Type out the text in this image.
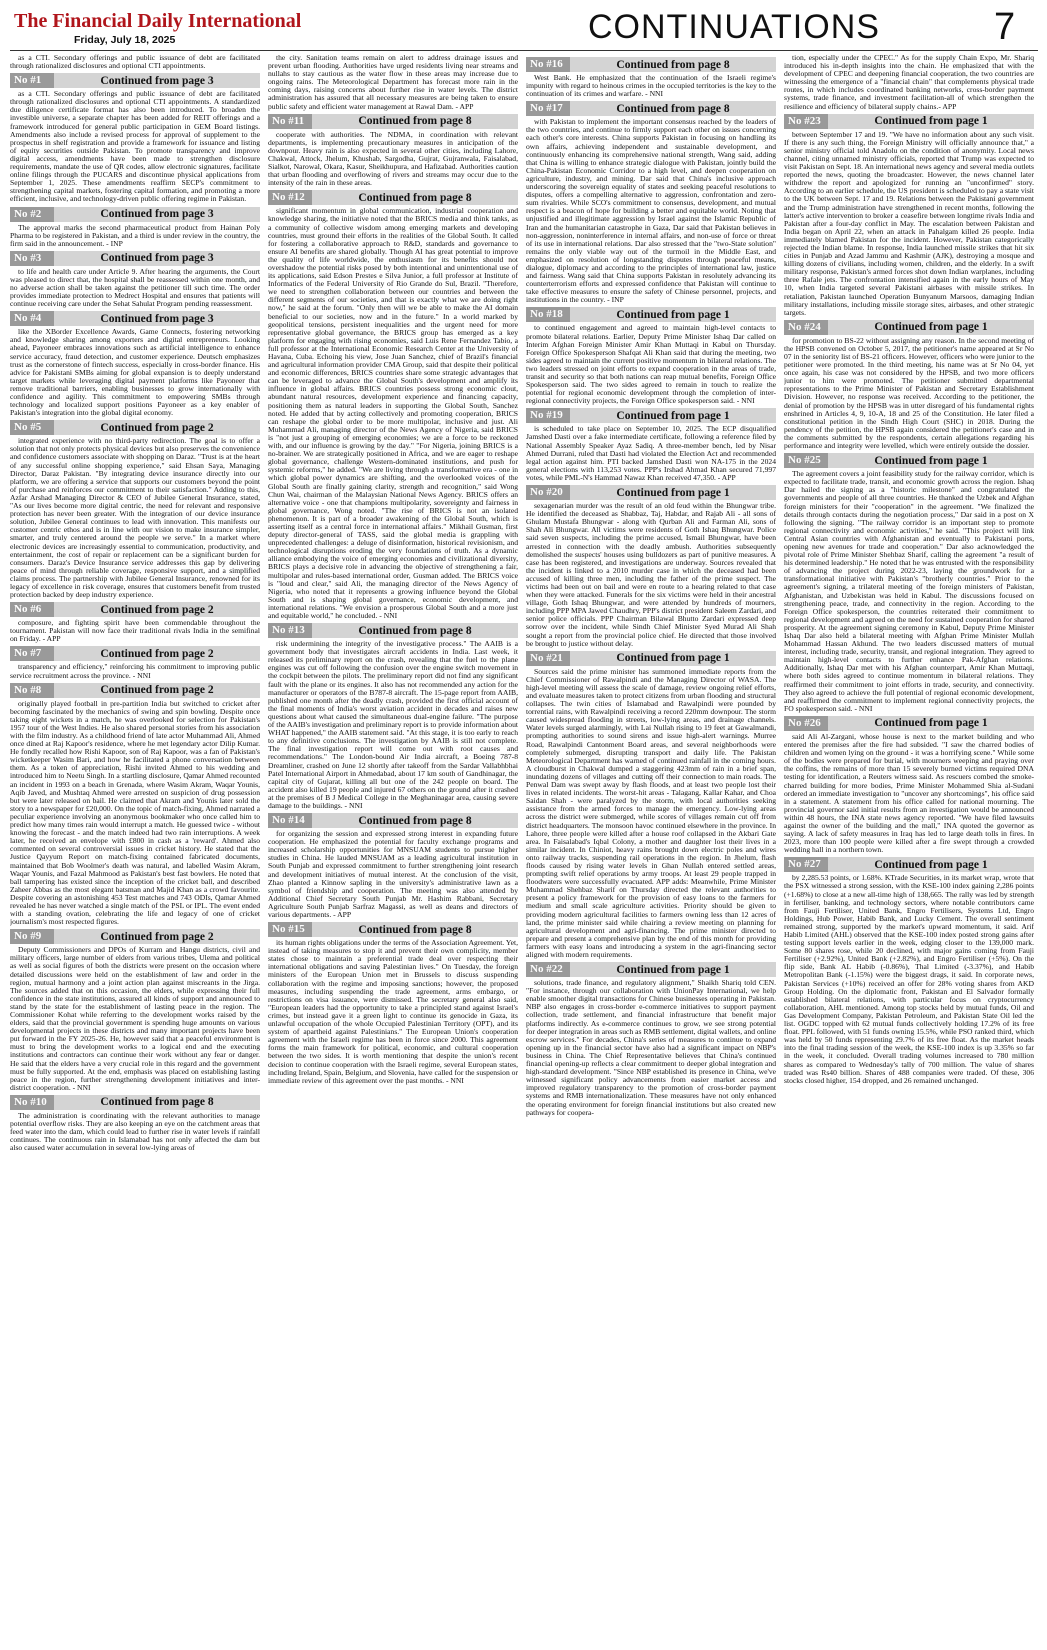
The Financial Daily International
Friday, July 18, 2025	CONTINUATIONS	7

as a CTI. Secondary offerings and public issuance of debt are facilitated through rationalized disclosures and optional CTI appointments.

No #1	Continued from page 3

as a CTI. Secondary offerings and public issuance of debt are facilitated through rationalized disclosures and optional CTI appointments. A standardized due diligence certificate format has also been introduced. To broaden the investible universe, a separate chapter has been added for REIT offerings and a framework introduced for general public participation in GEM Board listings. Amendments also include a revised process for approval of supplement to the prospectus in shelf registration and provide a framework for issuance and listing of equity securities outside Pakistan. To promote transparency and improve digital access, amendments have been made to strengthen disclosure requirements, mandate the use of QR codes, allow electronic signatures, facilitate online filings through the PUCARS and discontinue physical applications from September 1, 2025. These amendments reaffirm SECP's commitment to strengthening capital markets, fostering capital formation, and promoting a more efficient, inclusive, and technology-driven public offering regime in Pakistan.

No #2	Continued from page 3

The approval marks the second pharmaceutical product from Hainan Poly Pharma to be registered in Pakistan, and a third is under review in the country, the firm said in the announcement. - INP

No #3	Continued from page 3

to life and health care under Article 9. After hearing the arguments, the Court was pleased to direct that, the hospital shall be reassessed within one month, and no adverse action shall be taken against the petitioner till such time. The order provides immediate protection to Medrect Hospital and ensures that patients will continue receiving care under the Sehat Sahulat Program pending reassessment.

No #4	Continued from page 3

like the XBorder Excellence Awards, Game Connects, fostering networking and knowledge sharing among exporters and digital entrepreneurs. Looking ahead, Payoneer embraces innovations such as artificial intelligence to enhance service accuracy, fraud detection, and customer experience. Deutsch emphasizes trust as the cornerstone of fintech success, especially in cross-border finance. His advice for Pakistani SMBs aiming for global expansion is to deeply understand target markets while leveraging digital payment platforms like Payoneer that remove traditional barriers, enabling businesses to grow internationally with confidence and agility. This commitment to empowering SMBs through technology and localized support positions Payoneer as a key enabler of Pakistan's integration into the global digital economy.

No #5	Continued from page 2

integrated experience with no third-party redirection. The goal is to offer a solution that not only protects physical devices but also preserves the convenience and confidence customers associate with shopping on Daraz. "Trust is at the heart of any successful online shopping experience," said Ehsan Saya, Managing Director, Daraz Pakistan. "By integrating device insurance directly into our platform, we are offering a service that supports our customers beyond the point of purchase and reinforces our commitment to their satisfaction." Adding to this, Azfar Arshad Managing Director & CEO of Jubilee General Insurance, stated, "As our lives become more digital centric, the need for relevant and responsive protection has never been greater. With the integration of our device insurance solution, Jubilee General continues to lead with innovation. This manifests our customer centric ethos and is in line with our vision to make insurance simpler, smarter, and truly centered around the people we serve." In a market where electronic devices are increasingly essential to communication, productivity, and entertainment, the cost of repair or replacement can be a significant burden for consumers. Daraz's Device Insurance service addresses this gap by delivering peace of mind through reliable coverage, responsive support, and a simplified claims process. The partnership with Jubilee General Insurance, renowned for its legacy of excellence in risk coverage, ensures that customers benefit from trusted protection backed by deep industry experience.

No #6	Continued from page 2

composure, and fighting spirit have been commendable throughout the tournament. Pakistan will now face their traditional rivals India in the semifinal on Friday. - APP

No #7	Continued from page 2

transparency and efficiency," reinforcing his commitment to improving public service recruitment across the province. - NNI

No #8	Continued from page 2

originally played football in pre-partition India but switched to cricket after becoming fascinated by the mechanics of swing and spin bowling. Despite once taking eight wickets in a match, he was overlooked for selection for Pakistan's 1957 tour of the West Indies. He also shared personal stories from his association with the film industry. As a childhood friend of late actor Muhammad Ali, Ahmed once dined at Raj Kapoor's residence, where he met legendary actor Dilip Kumar. He fondly recalled how Rishi Kapoor, son of Raj Kapoor, was a fan of Pakistan's wicketkeeper Wasim Bari, and how he facilitated a phone conversation between them. As a token of appreciation, Rishi invited Ahmed to his wedding and introduced him to Neetu Singh. In a startling disclosure, Qamar Ahmed recounted an incident in 1993 on a beach in Grenada, where Wasim Akram, Waqar Younis, Aqib Javed, and Mushtaq Ahmed were arrested on suspicion of drug possession but were later released on bail. He claimed that Akram and Younis later sold the story to a newspaper for £20,000. On the topic of match-fixing, Ahmed narrated a peculiar experience involving an anonymous bookmaker who once called him to predict how many times rain would interrupt a match. He guessed twice - without knowing the forecast - and the match indeed had two rain interruptions. A week later, he received an envelope with £800 in cash as a 'reward'. Ahmed also commented on several controversial issues in cricket history. He stated that the Justice Qayyum Report on match-fixing contained fabricated documents, maintained that Bob Woolmer's death was natural, and labelled Wasim Akram, Waqar Younis, and Fazal Mahmood as Pakistan's best fast bowlers. He noted that ball tampering has existed since the inception of the cricket ball, and described Zaheer Abbas as the most elegant batsman and Majid Khan as a crowd favourite. Despite covering an astonishing 453 Test matches and 743 ODIs, Qamar Ahmed revealed he has never watched a single match of the PSL or IPL. The event ended with a standing ovation, celebrating the life and legacy of one of cricket journalism's most respected figures.

No #9	Continued from page 2

Deputy Commissioners and DPOs of Kurram and Hangu districts, civil and military officers, large number of elders from various tribes, Ulema and political as well as social figures of both the districts were present on the occasion where detailed discussions were held on the establishment of law and order in the region, mutual harmony and a joint action plan against miscreants in the Jirga. The sources added that on this occasion, the elders, while expressing their full confidence in the state institutions, assured all kinds of support and announced to stand by the state for the establishment of lasting peace in the region. The Commissioner Kohat while referring to the development works raised by the elders, said that the provincial government is spending huge amounts on various developmental projects in these districts and many important projects have been put forward in the FY 2025-26. He, however said that a peaceful environment is must to bring the development works to a logical end and the executing institutions and contractors can continue their work without any fear or danger. He said that the elders have a very crucial role in this regard and the government must be fully supported. At the end, emphasis was placed on establishing lasting peace in the region, further strengthening development initiatives and inter-district cooperation. - NNI

No #10	Continued from page 8

The administration is coordinating with the relevant authorities to manage potential overflow risks. They are also keeping an eye on the catchment areas that feed water into the dam, which could lead to further rise in water levels if rainfall continues. The continuous rain in Islamabad has not only affected the dam but also caused water accumulation in several low-lying areas of

the city. Sanitation teams remain on alert to address drainage issues and prevent urban flooding. Authorities have urged residents living near streams and nullahs to stay cautious as the water flow in these areas may increase due to ongoing rains. The Meteorological Department has forecast more rain in the coming days, raising concerns about further rise in water levels. The district administration has assured that all necessary measures are being taken to ensure public safety and efficient water management at Rawal Dam. - APP

No #11	Continued from page 8

cooperate with authorities. The NDMA, in coordination with relevant departments, is implementing precautionary measures in anticipation of the downpour. Heavy rain is also expected in several other cities, including Lahore, Chakwal, Attock, Jhelum, Khushab, Sargodha, Gujrat, Gujranwala, Faisalabad, Sialkot, Narowal, Okara, Kasur, Sheikhupura, and Hafizabad. Authorities caution that urban flooding and overflowing of rivers and streams may occur due to the intensity of the rain in these areas.

No #12	Continued from page 8

significant momentum in global communication, industrial cooperation and knowledge sharing, the initiative noted that the BRICS media and think tanks, as a community of collective wisdom among emerging markets and developing countries, must ground their efforts in the realities of the Global South. It called for fostering a collaborative approach to R&D, standards and governance to ensure AI benefits are shared globally. Though AI has great potential to improve the quality of life worldwide, the enthusiasm for its benefits should not overshadow the potential risks posed by both intentional and unintentional use of its applications, said Edson Prestes e Silva Junior, a full professor at Institute of Informatics of the Federal University of Rio Grande do Sul, Brazil. "Therefore, we need to strengthen collaboration between our countries and between the different segments of our societies, and that is exactly what we are doing right now," he said at the forum. "Only then will we be able to make the AI domain beneficial to our societies, now and in the future." In a world marked by geopolitical tensions, persistent inequalities and the urgent need for more representative global governance, the BRICS group has emerged as a key platform for engaging with rising economies, said Luis Rene Fernandez Tabio, a full professor at the International Economic Research Center at the University of Havana, Cuba. Echoing his view, Jose Juan Sanchez, chief of Brazil's financial and agricultural information provider CMA Group, said that despite their political and economic differences, BRICS countries share some strategic advantages that can be leveraged to advance the Global South's development and amplify its influence in global affairs. BRICS countries possess strong economic clout, abundant natural resources, development experience and financing capacity, positioning them as natural leaders in supporting the Global South, Sanchez noted. He added that by acting collectively and promoting cooperation, BRICS can reshape the global order to be more multipolar, inclusive and just. Ali Muhammad Ali, managing director of the News Agency of Nigeria, said BRICS is "not just a grouping of emerging economies; we are a force to be reckoned with, and our influence is growing by the day." "For Nigeria, joining BRICS is a no-brainer. We are strategically positioned in Africa, and we are eager to reshape global governance, challenge Western-dominated institutions, and push for systemic reforms," he added. "We are living through a transformative era - one in which global power dynamics are shifting, and the overlooked voices of the Global South are finally gaining clarity, strength and recognition," said Wong Chun Wai, chairman of the Malaysian National News Agency. BRICS offers an alternative voice - one that champions multipolarity, sovereignty and fairness in global governance, Wong noted. "The rise of BRICS is not an isolated phenomenon. It is part of a broader awakening of the Global South, which is asserting itself as a central force in international affairs." Mikhail Gusman, first deputy director-general of TASS, said the global media is grappling with unprecedented challenges: a deluge of disinformation, historical revisionism, and technological disruptions eroding the very foundations of truth. As a dynamic alliance embodying the voice of emerging economies and civilizational diversity, BRICS plays a decisive role in advancing the objective of strengthening a fair, multipolar and rules-based international order, Gusman added. The BRICS voice is "loud and clear," said Ali, the managing director of the News Agency of Nigeria, who noted that it represents a growing influence beyond the Global South and is shaping global governance, economic development, and international relations. "We envision a prosperous Global South and a more just and equitable world," he concluded. - NNI

No #13	Continued from page 8

risk undermining the integrity of the investigative process." The AAIB is a government body that investigates aircraft accidents in India. Last week, it released its preliminary report on the crash, revealing that the fuel to the plane engines was cut off following the confusion over the engine switch movement in the cockpit between the pilots. The preliminary report did not find any significant fault with the plane or its engines. It also has not recommended any action for the manufacturer or operators of the B787-8 aircraft. The 15-page report from AAIB, published one month after the deadly crash, provided the first official account of the final moments of India's worst aviation accident in decades and raises new questions about what caused the simultaneous dual-engine failure. "The purpose of the AAIB's investigation and preliminary report is to provide information about WHAT happened," the AAIB statement said. "At this stage, it is too early to reach to any definitive conclusions. The investigation by AAIB is still not complete. The final investigation report will come out with root causes and recommendations." The London-bound Air India aircraft, a Boeing 787-8 Dreamliner, crashed on June 12 shortly after takeoff from the Sardar Vallabhbhai Patel International Airport in Ahmedabad, about 17 km south of Gandhinagar, the capital city of Gujarat, killing all but one of the 242 people on board. The accident also killed 19 people and injured 67 others on the ground after it crashed at the premises of B J Medical College in the Meghaninagar area, causing severe damage to the buildings. - NNI

No #14	Continued from page 8

for organizing the session and expressed strong interest in expanding future cooperation. He emphasized the potential for faculty exchange programs and increased scholarship opportunities for MNSUAM students to pursue higher studies in China. He lauded MNSUAM as a leading agricultural institution in South Punjab and expressed commitment to further strengthening joint research and development initiatives of mutual interest. At the conclusion of the visit, Zhao planted a Kinnow sapling in the university's administrative lawn as a symbol of friendship and cooperation. The meeting was also attended by Additional Chief Secretary South Punjab Mr. Hashim Rabbani, Secretary Agriculture South Punjab Sarfraz Magassi, as well as deans and directors of various departments. - APP

No #15	Continued from page 8

its human rights obligations under the terms of the Association Agreement. Yet, instead of taking measures to stop it and prevent their own complicity, member states chose to maintain a preferential trade deal over respecting their international obligations and saving Palestinian lives." On Tuesday, the foreign ministers of the European Union met in Brussels to discuss suspending collaboration with the regime and imposing sanctions; however, the proposed measures, including suspending the trade agreement, arms embargo, or restrictions on visa issuance, were dismissed. The secretary general also said, "European leaders had the opportunity to take a principled stand against Israel's crimes, but instead gave it a green light to continue its genocide in Gaza, its unlawful occupation of the whole Occupied Palestinian Territory (OPT), and its system of apartheid against Palestinians." The European Union's cooperation agreement with the Israeli regime has been in force since 2000. This agreement forms the main framework for political, economic, and cultural cooperation between the two sides. It is worth mentioning that despite the union's recent decision to continue cooperation with the Israeli regime, several European states, including Ireland, Spain, Belgium, and Slovenia, have called for the suspension or immediate review of this agreement over the past months. - NNI

No #16	Continued from page 8

West Bank. He emphasized that the continuation of the Israeli regime's impunity with regard to heinous crimes in the occupied territories is the key to the continuation of its crimes and warfare. - NNI

No #17	Continued from page 8

with Pakistan to implement the important consensus reached by the leaders of the two countries, and continue to firmly support each other on issues concerning each other's core interests. China supports Pakistan in focusing on handling its own affairs, achieving independent and sustainable development, and continuously enhancing its comprehensive national strength, Wang said, adding that China is willing to enhance strategic dialogue with Pakistan, jointly build the China-Pakistan Economic Corridor to a high level, and deepen cooperation on agriculture, industry, and mining. Dar said that China's inclusive approach underscoring the sovereign equality of states and seeking peaceful resolutions to disputes, offers a compelling alternative to aggression, confrontation and zero-sum rivalries. While SCO's commitment to consensus, development, and mutual respect is a beacon of hope for building a better and equitable world. Noting that unjustified and illegitimate aggression by Israel against the Islamic Republic of Iran and the humanitarian catastrophe in Gaza, Dar said that Pakistan believes in non-aggression, noninterference in internal affairs, and non-use of force or threat of its use in international relations. Dar also stressed that the "two-State solution" remains the only viable way out of the turmoil in the Middle East, and emphasized on resolution of longstanding disputes through peaceful means, dialogue, diplomacy and according to the principles of international law, justice and fairness. Wang said that China supports Pakistan in resolutely advancing its counterterrorism efforts and expressed confidence that Pakistan will continue to take effective measures to ensure the safety of Chinese personnel, projects, and institutions in the country. - INP

No #18	Continued from page 1

to continued engagement and agreed to maintain high-level contacts to promote bilateral relations. Earlier, Deputy Prime Minister Ishaq Dar called on Interim Afghan Foreign Minister Amir Khan Muttaqi in Kabul on Thursday. Foreign Office Spokesperson Shafqat Ali Khan said that during the meeting, two sides agreed to maintain the current positive momentum in bilateral relations. The two leaders stressed on joint efforts to expand cooperation in the areas of trade, transit and security so that both nations can reap mutual benefits, Foreign Office Spokesperson said. The two sides agreed to remain in touch to realize the potential for regional economic development through the completion of inter-regional connectivity projects, the Foreign Office spokesperson said. - NNI

No #19	Continued from page 1

is scheduled to take place on September 10, 2025. The ECP disqualified Jamshed Dasti over a fake intermediate certificate, following a reference filed by National Assembly Speaker Ayaz Sadiq. A three-member bench, led by Nisar Ahmed Durrani, ruled that Dasti had violated the Election Act and recommended legal action against him. PTI backed Jamshed Dasti won NA-175 in the 2024 general elections with 113,253 votes. PPP's Irshad Ahmad Khan secured 71,997 votes, while PML-N's Hammad Nawaz Khan received 47,350. - APP

No #20	Continued from page 1

sexagenarian murder was the result of an old feud within the Bhungwar tribe. He identified the deceased as Shabbaz, Taj, Habdar, and Rajab Ali - all sons of Ghulam Mustafa Bhungwar - along with Qurban Ali and Farman Ali, sons of Shah Ali Bhungwar. All victims were residents of Goth Ishaq Bhungwar. Police said seven suspects, including the prime accused, Ismail Bhungwar, have been arrested in connection with the deadly ambush. Authorities subsequently demolished the suspects' houses using bulldozers as part of punitive measures. A case has been registered, and investigations are underway. Sources revealed that the incident is linked to a 2010 murder case in which the deceased had been accused of killing three men, including the father of the prime suspect. The victims had been out on bail and were en route to a hearing related to that case when they were attacked. Funerals for the six victims were held in their ancestral village, Goth Ishaq Bhungwar, and were attended by hundreds of mourners, including PPP MPA Jawed Chaudhry, PPP's district president Saleem Zardari, and senior police officials. PPP Chairman Bilawal Bhutto Zardari expressed deep sorrow over the incident, while Sindh Chief Minister Syed Murad Ali Shah sought a report from the provincial police chief. He directed that those involved be brought to justice without delay.

No #21	Continued from page 1

Sources said the prime minister has summoned immediate reports from the Chief Commissioner of Rawalpindi and the Managing Director of WASA. The high-level meeting will assess the scale of damage, review ongoing relief efforts, and evaluate measures taken to protect citizens from urban flooding and structural collapses. The twin cities of Islamabad and Rawalpindi were pounded by torrential rains, with Rawalpindi receiving a record 220mm downpour. The storm caused widespread flooding in streets, low-lying areas, and drainage channels. Water levels surged alarmingly, with Lai Nullah rising to 19 feet at Gawalmandi, prompting authorities to sound sirens and issue high-alert warnings. Murree Road, Rawalpindi Cantonment Board areas, and several neighborhoods were completely submerged, disrupting transport and daily life. The Pakistan Meteorological Department has warned of continued rainfall in the coming hours. A cloudburst in Chakwal dumped a staggering 423mm of rain in a brief span, inundating dozens of villages and cutting off their connection to main roads. The Penwal Dam was swept away by flash floods, and at least two people lost their lives in related incidents. The worst-hit areas - Talagang, Kallar Kahar, and Choa Saidan Shah - were paralyzed by the storm, with local authorities seeking assistance from the armed forces to manage the emergency. Low-lying areas across the district were submerged, while scores of villages remain cut off from district headquarters. The monsoon havoc continued elsewhere in the province. In Lahore, three people were killed after a house roof collapsed in the Akbari Gate area. In Faisalabad's Iqbal Colony, a mother and daughter lost their lives in a similar incident. In Chiniot, heavy rains brought down electric poles and wires onto railway tracks, suspending rail operations in the region. In Jhelum, flash floods caused by rising water levels in Ghan Nullah entered settled areas, prompting swift relief operations by army troops. At least 29 people trapped in floodwaters were successfully evacuated. APP adds: Meanwhile, Prime Minister Muhammad Shehbaz Sharif on Thursday directed the relevant authorities to present a policy framework for the provision of easy loans to the farmers for medium and small scale agriculture activities. Priority should be given to providing modern agricultural facilities to farmers owning less than 12 acres of land, the prime minister said while chairing a review meeting on planning for agricultural development and agri-financing. The prime minister directed to prepare and present a comprehensive plan by the end of this month for providing farmers with easy loans and introducing a system in the agri-financing sector aligned with modern requirements.

No #22	Continued from page 1

solutions, trade finance, and regulatory alignment," Shaikh Shariq told CEN. "For instance, through our collaboration with UnionPay International, we help enable smoother digital transactions for Chinese businesses operating in Pakistan. NBP also engages in cross-border e-commerce initiatives to support payment collection, trade settlement, and financial infrastructure that benefit major platforms indirectly. As e-commerce continues to grow, we see strong potential for deeper integration in areas such as RMB settlement, digital wallets, and online escrow services." For decades, China's series of measures to continue to expand opening up in the financial sector have also had a significant impact on NBP's business in China. The Chief Representative believes that China's continued financial opening-up reflects a clear commitment to deeper global integration and high-standard development. "Since NBP established its presence in China, we've witnessed significant policy advancements from easier market access and improved regulatory transparency to the promotion of cross-border payment systems and RMB internationalization. These measures have not only enhanced the operating environment for foreign financial institutions but also created new pathways for coopera-

tion, especially under the CPEC." As for the supply Chain Expo, Mr. Shariq introduced his in-depth insights into the chain. He emphasized that with the development of CPEC and deepening financial cooperation, the two countries are witnessing the emergence of a "financial chain" that complements physical trade routes, in which includes coordinated banking networks, cross-border payment systems, trade finance, and investment facilitation-all of which strengthen the resilience and efficiency of bilateral supply chains.- APP

No #23	Continued from page 1

between September 17 and 19. "We have no information about any such visit. If there is any such thing, the Foreign Ministry will officially announce that," a senior ministry official told Anadolu on the condition of anonymity. Local news channel, citing unnamed ministry officials, reported that Trump was expected to visit Pakistan on Sept. 18. An international news agency and several media outlets reported the news, quoting the broadcaster. However, the news channel later withdrew the report and apologized for running an "unconfirmed" story. According to an earlier schedule, the US president is scheduled to pay a state visit to the UK between Sept. 17 and 19. Relations between the Pakistani government and the Trump administration have strengthened in recent months, following the latter's active intervention to broker a ceasefire between longtime rivals India and Pakistan after a four-day conflict in May. The escalation between Pakistan and India began on April 22, when an attack in Pahalgam killed 26 people. India immediately blamed Pakistan for the incident. However, Pakistan categorically rejected the Indian blame. In response, India launched missile strikes that hit six cities in Punjab and Azad Jammu and Kashmir (AJK), destroying a mosque and killing dozens of civilians, including women, children, and the elderly. In a swift military response, Pakistan's armed forces shot down Indian warplanes, including three Rafale jets. The confrontation intensified again in the early hours of May 10, when India targeted several Pakistani airbases with missile strikes. In retaliation, Pakistan launched Operation Bunyanum Marsoos, damaging Indian military installations, including missile storage sites, airbases, and other strategic targets.

No #24	Continued from page 1

for promotion to BS-22 without assigning any reason. In the second meeting of the HPSB convened on October 5, 2017, the petitioner's name appeared at Sr No 07 in the seniority list of BS-21 officers. However, officers who were junior to the petitioner were promoted. In the third meeting, his name was at Sr No 04, yet once again, his case was not considered by the HPSB, and two more officers junior to him were promoted. The petitioner submitted departmental representations to the Prime Minister of Pakistan and Secretary Establishment Division. However, no response was received. According to the petitioner, the denial of promotion by the HPSB was in utter disregard of his fundamental rights enshrined in Articles 4, 9, 10-A, 18 and 25 of the Constitution. He later filed a constitutional petition in the Sindh High Court (SHC) in 2018. During the pendency of the petition, the HPSB again considered the petitioner's case and in the comments submitted by the respondents, certain allegations regarding his performance and integrity were levelled, which were entirely outside the dossier.

No #25	Continued from page 1

The agreement covers a joint feasibility study for the railway corridor, which is expected to facilitate trade, transit, and economic growth across the region. Ishaq Dar hailed the signing as a "historic milestone" and congratulated the governments and people of all three countries. He thanked the Uzbek and Afghan foreign ministers for their "cooperation" in the agreement. "We finalized the details through contacts during the negotiation process," Dar said in a post on X following the signing. "The railway corridor is an important step to promote regional connectivity and economic activities," he said. "This project will link Central Asian countries with Afghanistan and eventually to Pakistani ports, opening new avenues for trade and cooperation." Dar also acknowledged the pivotal role of Prime Minister Shehbaz Sharif, calling the agreement "a result of his determined leadership." He noted that he was entrusted with the responsibility of advancing the project during 2022-23, laying the groundwork for a transformational initiative with Pakistan's "brotherly countries." Prior to the agreement's signing, a trilateral meeting of the foreign ministers of Pakistan, Afghanistan, and Uzbekistan was held in Kabul. The discussions focused on strengthening peace, trade, and connectivity in the region. According to the Foreign Office spokesperson, the countries reiterated their commitment to regional development and agreed on the need for sustained cooperation for shared prosperity. At the agreement signing ceremony in Kabul, Deputy Prime Minister Ishaq Dar also held a bilateral meeting with Afghan Prime Minister Mullah Mohammad Hassan Akhund. The two leaders discussed matters of mutual interest, including trade, security, transit, and regional integration. They agreed to maintain high-level contacts to further enhance Pak-Afghan relations. Additionally, Ishaq Dar met with his Afghan counterpart, Amir Khan Muttaqi, where both sides agreed to continue momentum in bilateral relations. They reaffirmed their commitment to joint efforts in trade, security, and connectivity. They also agreed to achieve the full potential of regional economic development, and reaffirmed the commitment to implement regional connectivity projects, the FO spokesperson said. - NNI

No #26	Continued from page 1

said Ali Al-Zargani, whose house is next to the market building and who entered the premises after the fire had subsided. "I saw the charred bodies of children and women lying on the ground - it was a horrifying scene." While some of the bodies were prepared for burial, with mourners weeping and praying over the coffins, the remains of more than 15 severely burned victims required DNA testing for identification, a Reuters witness said. As rescuers combed the smoke-charred building for more bodies, Prime Minister Mohammed Shia al-Sudani ordered an immediate investigation to "uncover any shortcomings", his office said in a statement. A statement from his office called for national mourning. The provincial governor said initial results from an investigation would be announced within 48 hours, the INA state news agency reported. "We have filed lawsuits against the owner of the building and the mall," INA quoted the governor as saying. A lack of safety measures in Iraq has led to large death tolls in fires. In 2023, more than 100 people were killed after a fire swept through a crowded wedding hall in a northern town.

No #27	Continued from page 1

by 2,285.53 points, or 1.68%. KTrade Securities, in its market wrap, wrote that the PSX witnessed a strong session, with the KSE-100 index gaining 2,286 points (+1.68%) to close at a new all-time high of 138,665. The rally was led by strength in fertiliser, banking, and technology sectors, where notable contributors came from Fauji Fertiliser, United Bank, Engro Fertilisers, Systems Ltd, Engro Holdings, Hub Power, Habib Bank, and Lucky Cement. The overall sentiment remained strong, supported by the market's upward momentum, it said. Arif Habib Limited (AHL) observed that the KSE-100 index posted strong gains after testing support levels earlier in the week, edging closer to the 139,000 mark. Some 80 shares rose, while 20 declined, with major gains coming from Fauji Fertiliser (+2.92%), United Bank (+2.82%), and Engro Fertiliser (+5%). On the flip side, Bank AL Habib (-0.86%), Thal Limited (-3.37%), and Habib Metropolitan Bank (-1.15%) were the biggest drags, it said. In corporate news, Pakistan Services (+10%) received an offer for 28% voting shares from AKD Group Holding. On the diplomatic front, Pakistan and El Salvador formally established bilateral relations, with particular focus on cryptocurrency collaboration, AHL mentioned. Among top stocks held by mutual funds, Oil and Gas Development Company, Pakistan Petroleum, and Pakistan State Oil led the list. OGDC topped with 62 mutual funds collectively holding 17.2% of its free float. PPL followed, with 51 funds owning 15.5%, while PSO ranked third, which was held by 50 funds representing 29.7% of its free float. As the market heads into the final trading session of the week, the KSE-100 index is up 3.35% so far in the week, it concluded. Overall trading volumes increased to 780 million shares as compared to Wednesday's tally of 700 million. The value of shares traded was Rs40 billion. Shares of 488 companies were traded. Of these, 306 stocks closed higher, 154 dropped, and 26 remained unchanged.
